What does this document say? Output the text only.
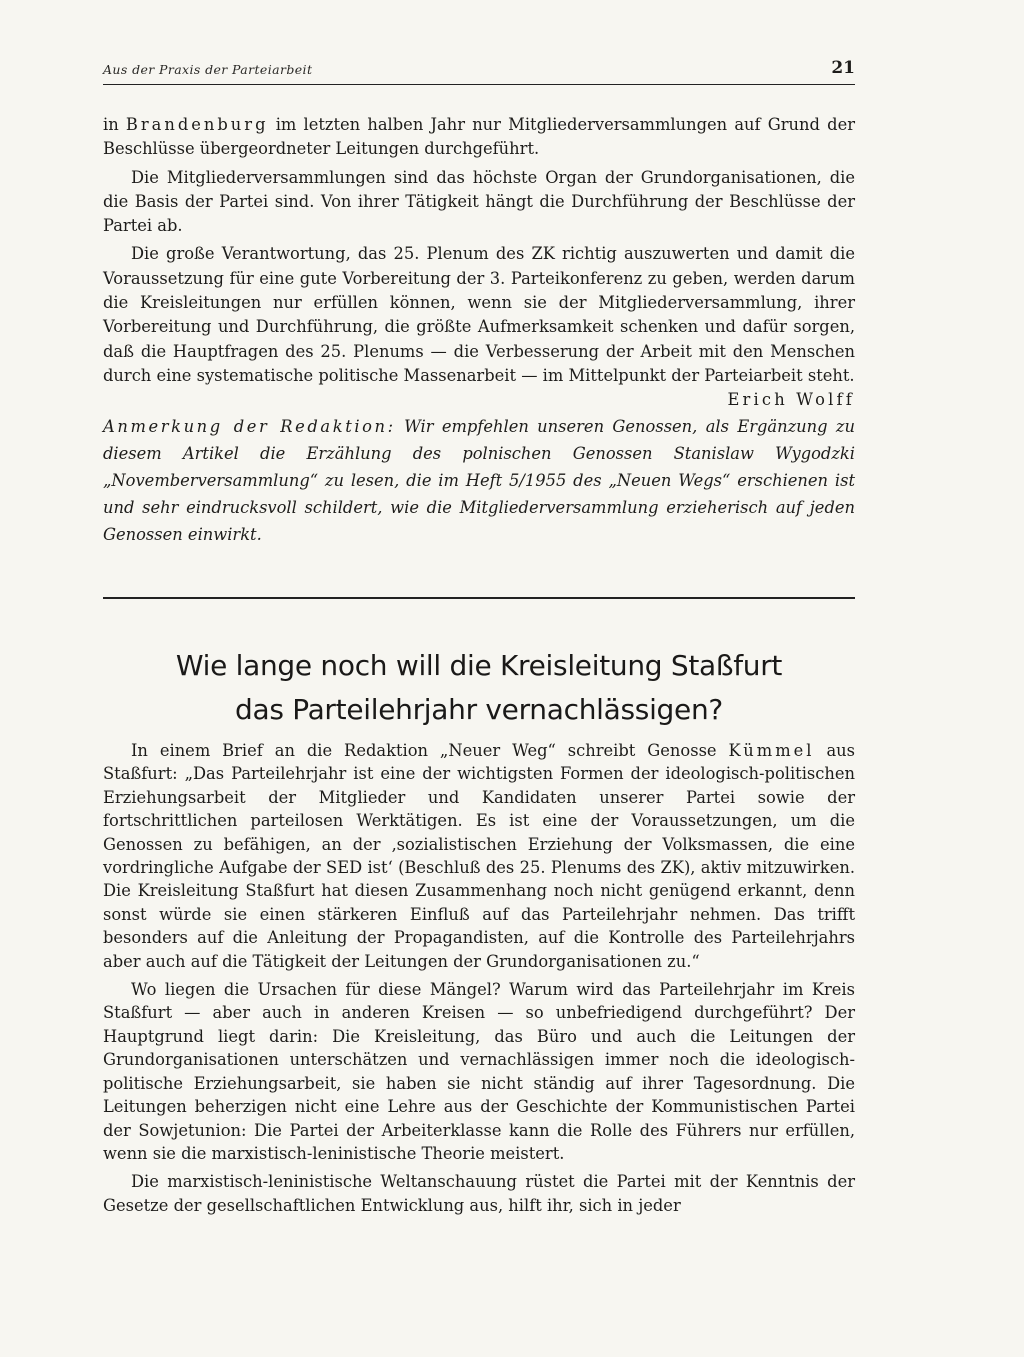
Aus der Praxis der Parteiarbeit	21

in Brandenburg im letzten halben Jahr nur Mitgliederversammlungen auf Grund der Beschlüsse übergeordneter Leitungen durchgeführt.

Die Mitgliederversammlungen sind das höchste Organ der Grundorganisationen, die die Basis der Partei sind. Von ihrer Tätigkeit hängt die Durchführung der Beschlüsse der Partei ab.

Die große Verantwortung, das 25. Plenum des ZK richtig auszuwerten und damit die Voraussetzung für eine gute Vorbereitung der 3. Parteikonferenz zu geben, werden darum die Kreisleitungen nur erfüllen können, wenn sie der Mitgliederversammlung, ihrer Vorbereitung und Durchführung, die größte Aufmerksamkeit schenken und dafür sorgen, daß die Hauptfragen des 25. Plenums — die Verbesserung der Arbeit mit den Menschen durch eine systematische politische Massenarbeit — im Mittelpunkt der Parteiarbeit steht.
Erich Wolff

Anmerkung der Redaktion: Wir empfehlen unseren Genossen, als Ergänzung zu diesem Artikel die Erzählung des polnischen Genossen Stanislaw Wygodzki „Novemberversammlung“ zu lesen, die im Heft 5/1955 des „Neuen Wegs“ erschienen ist und sehr eindrucksvoll schildert, wie die Mitgliederversammlung erzieherisch auf jeden Genossen einwirkt.
Wie lange noch will die Kreisleitung Staßfurt
das Parteilehrjahr vernachlässigen?

In einem Brief an die Redaktion „Neuer Weg“ schreibt Genosse Kümmel aus Staßfurt: „Das Parteilehrjahr ist eine der wichtigsten Formen der ideologisch-politischen Erziehungsarbeit der Mitglieder und Kandidaten unserer Partei sowie der fortschrittlichen parteilosen Werktätigen. Es ist eine der Voraussetzungen, um die Genossen zu befähigen, an der ‚sozialistischen Erziehung der Volksmassen, die eine vordringliche Aufgabe der SED ist‘ (Beschluß des 25. Plenums des ZK), aktiv mitzuwirken. Die Kreisleitung Staßfurt hat diesen Zusammenhang noch nicht genügend erkannt, denn sonst würde sie einen stärkeren Einfluß auf das Parteilehrjahr nehmen. Das trifft besonders auf die Anleitung der Propagandisten, auf die Kontrolle des Parteilehrjahrs aber auch auf die Tätigkeit der Leitungen der Grundorganisationen zu.“

Wo liegen die Ursachen für diese Mängel? Warum wird das Parteilehrjahr im Kreis Staßfurt — aber auch in anderen Kreisen — so unbefriedigend durchgeführt? Der Hauptgrund liegt darin: Die Kreisleitung, das Büro und auch die Leitungen der Grundorganisationen unterschätzen und vernachlässigen immer noch die ideologisch-politische Erziehungsarbeit, sie haben sie nicht ständig auf ihrer Tagesordnung. Die Leitungen beherzigen nicht eine Lehre aus der Geschichte der Kommunistischen Partei der Sowjetunion: Die Partei der Arbeiterklasse kann die Rolle des Führers nur erfüllen, wenn sie die marxistisch-leninistische Theorie meistert.

Die marxistisch-leninistische Weltanschauung rüstet die Partei mit der Kenntnis der Gesetze der gesellschaftlichen Entwicklung aus, hilft ihr, sich in jeder
